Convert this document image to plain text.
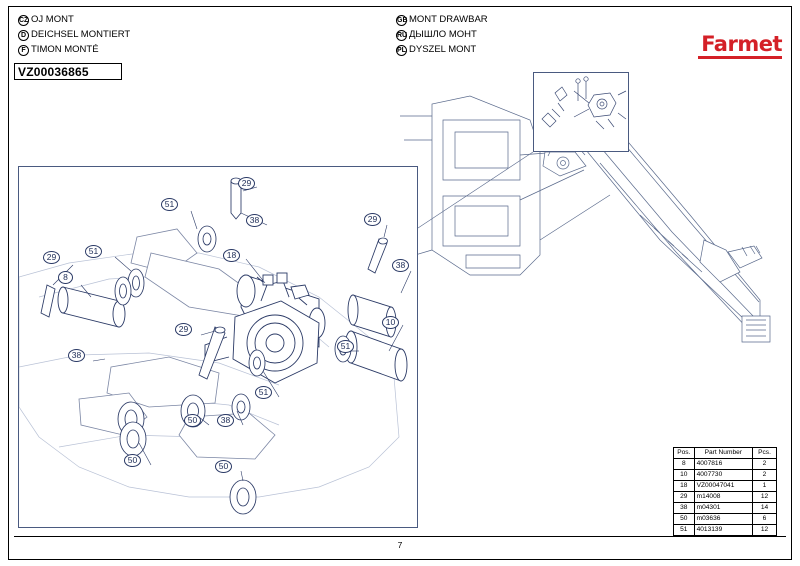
CZ OJ MONT
D DEICHSEL MONTIERT
F TIMON MONTÉ
GB MONT DRAWBAR
RU ДЫШЛО МОНТ
PL DYSZEL MONT
VZ00036865
Farmet
29
51
38	29
18
51
29
8
38
10
51
29
38
51
50	38
50
50
Pos.	Part Number	Pcs.
8	4007816	2
10	4007730	2
18	VZ00047041	1
29	m14008	12
38	m04301	14
50	m03636	6
51	4013139	12
7
